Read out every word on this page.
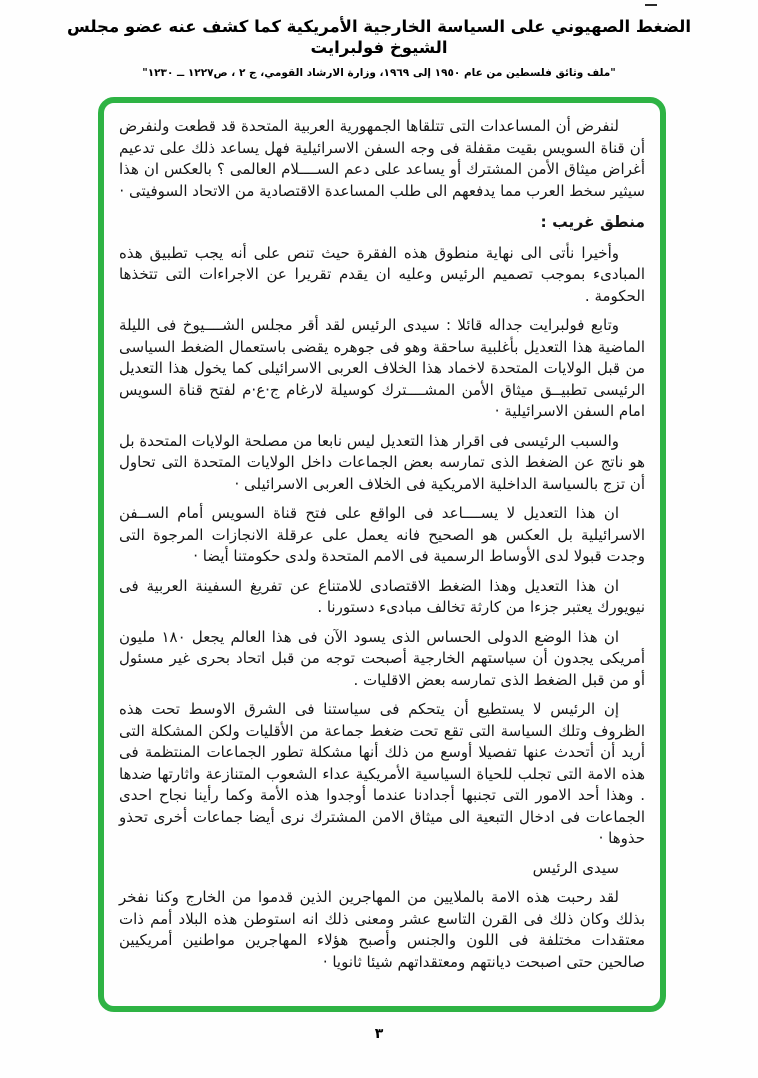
الضغط الصهيوني على السياسة الخارجية الأمريكية كما كشف عنه عضو مجلس الشيوخ فولبرايت
"ملف وثائق فلسطين من عام ١٩٥٠ إلى ١٩٦٩، وزارة الارشاد القومي، ج ٢ ، ص١٢٢٧ ــ ١٢٣٠"

لنفرض أن المساعدات التى تتلقاها الجمهورية العربية المتحدة قد قطعت ولنفرض أن قناة السويس بقيت مقفلة فى وجه السفن الاسرائيلية فهل يساعد ذلك على تدعيم أغراض ميثاق الأمن المشترك أو يساعد على دعم الســــلام العالمى ؟ بالعكس ان هذا سيثير سخط العرب مما يدفعهم الى طلب المساعدة الاقتصادية من الاتحاد السوفيتى ·

منطق غريب :

وأخيرا نأتى الى نهاية منطوق هذه الفقرة حيث تنص على أنه يجب تطبيق هذه المبادىء بموجب تصميم الرئيس وعليه ان يقدم تقريرا عن الاجراءات التى تتخذها الحكومة .

وتابع فولبرايت جداله قائلا : سيدى الرئيس لقد أقر مجلس الشــــيوخ فى الليلة الماضية هذا التعديل بأغلبية ساحقة وهو فى جوهره يقضى باستعمال الضغط السياسى من قبل الولايات المتحدة لاخماد هذا الخلاف العربى الاسرائيلى كما يخول هذا التعديل الرئيسى تطبيــق ميثاق الأمن المشــــترك كوسيلة لارغام ج·ع·م لفتح قناة السويس امام السفن الاسرائيلية ·

والسبب الرئيسى فى اقرار هذا التعديل ليس نابعا من مصلحة الولايات المتحدة بل هو ناتج عن الضغط الذى تمارسه بعض الجماعات داخل الولايات المتحدة التى تحاول أن تزج بالسياسة الداخلية الامريكية فى الخلاف العربى الاسرائيلى ·

ان هذا التعديل لا يســــاعد فى الواقع على فتح قناة السويس أمام الســفن الاسرائيلية بل العكس هو الصحيح فانه يعمل على عرقلة الانجازات المرجوة التى وجدت قبولا لدى الأوساط الرسمية فى الامم المتحدة ولدى حكومتنا أيضا ·

ان هذا التعديل وهذا الضغط الاقتصادى للامتناع عن تفريغ السفينة العربية فى نيويورك يعتبر جزءا من كارثة تخالف مبادىء دستورنا .

ان هذا الوضع الدولى الحساس الذى يسود الآن فى هذا العالم يجعل ١٨٠ مليون أمريكى يجدون أن سياستهم الخارجية أصبحت توجه من قبل اتحاد بحرى غير مسئول أو من قبل الضغط الذى تمارسه بعض الاقليات .

إن الرئيس لا يستطيع أن يتحكم فى سياستنا فى الشرق الاوسط تحت هذه الظروف وتلك السياسة التى تقع تحت ضغط جماعة من الأقليات ولكن المشكلة التى أريد أن أتحدث عنها تفصيلا أوسع من ذلك أنها مشكلة تطور الجماعات المنتظمة فى هذه الامة التى تجلب للحياة السياسية الأمريكية عداء الشعوب المتنازعة واثارتها ضدها . وهذا أحد الامور التى تجنبها أجدادنا عندما أوجدوا هذه الأمة وكما رأينا نجاح احدى الجماعات فى ادخال التبعية الى ميثاق الامن المشترك نرى أيضا جماعات أخرى تحذو حذوها ·

سيدى الرئيس

لقد رحبت هذه الامة بالملايين من المهاجرين الذين قدموا من الخارج وكنا نفخر بذلك وكان ذلك فى القرن التاسع عشر ومعنى ذلك انه استوطن هذه البلاد أمم ذات معتقدات مختلفة فى اللون والجنس وأصبح هؤلاء المهاجرين مواطنين أمريكيين صالحين حتى اصبحت ديانتهم ومعتقداتهم شيئا ثانويا ·

٣
